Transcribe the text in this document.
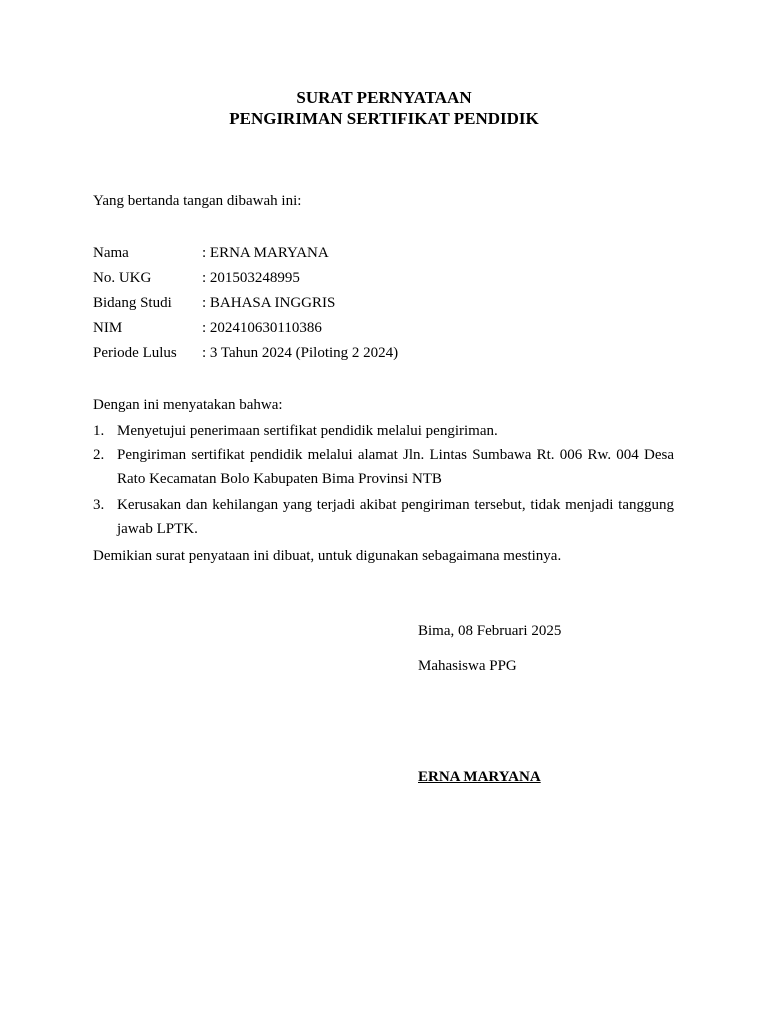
SURAT PERNYATAAN
PENGIRIMAN SERTIFIKAT PENDIDIK
Yang bertanda tangan dibawah ini:
Nama	: ERNA MARYANA
No. UKG	: 201503248995
Bidang Studi : BAHASA INGGRIS
NIM	: 202410630110386
Periode Lulus : 3 Tahun 2024 (Piloting 2 2024)
Dengan ini menyatakan bahwa:
1. Menyetujui penerimaan sertifikat pendidik melalui pengiriman.
2. Pengiriman sertifikat pendidik melalui alamat Jln. Lintas Sumbawa Rt. 006 Rw. 004 Desa Rato Kecamatan Bolo Kabupaten Bima Provinsi NTB
3. Kerusakan dan kehilangan yang terjadi akibat pengiriman tersebut, tidak menjadi tanggung jawab LPTK.
Demikian surat penyataan ini dibuat, untuk digunakan sebagaimana mestinya.
Bima, 08 Februari 2025
Mahasiswa PPG
ERNA MARYANA
